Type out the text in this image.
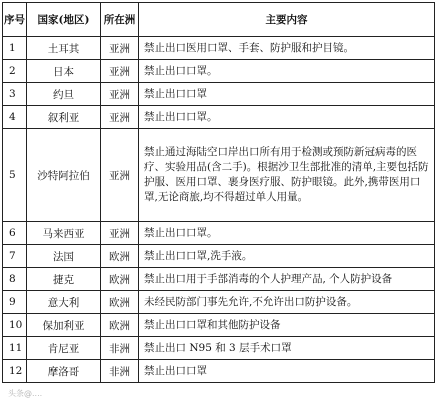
序号	国家(地区)	所在洲	主要内容
1	土耳其	亚洲	禁止出口医用口罩、手套、防护服和护目镜。
2	日本	亚洲	禁止出口口罩。
3	约旦	亚洲	禁止出口口罩
4	叙利亚	亚洲	禁止出口口罩。
5	沙特阿拉伯	亚洲	禁止通过海陆空口岸出口所有用于检测或预防新冠病毒的医疗、实验用品(含二手)。根据沙卫生部批准的清单,主要包括防护服、医用口罩、裹身医疗服、防护眼镜。此外,携带医用口罩,无论商旅,均不得超过单人用量。
6	马来西亚	亚洲	禁止出口口罩。
7	法国	欧洲	禁止出口口罩,洗手液。
8	捷克	欧洲	禁止出口用于手部消毒的个人护理产品, 个人防护设备
9	意大利	欧洲	未经民防部门事先允许,不允许出口防护设备。
10	保加利亚	欧洲	禁止出口口罩和其他防护设备
11	肯尼亚	非洲	禁止出口 N95 和 3 层手术口罩
12	摩洛哥	非洲	禁止出口口罩
头条@....
